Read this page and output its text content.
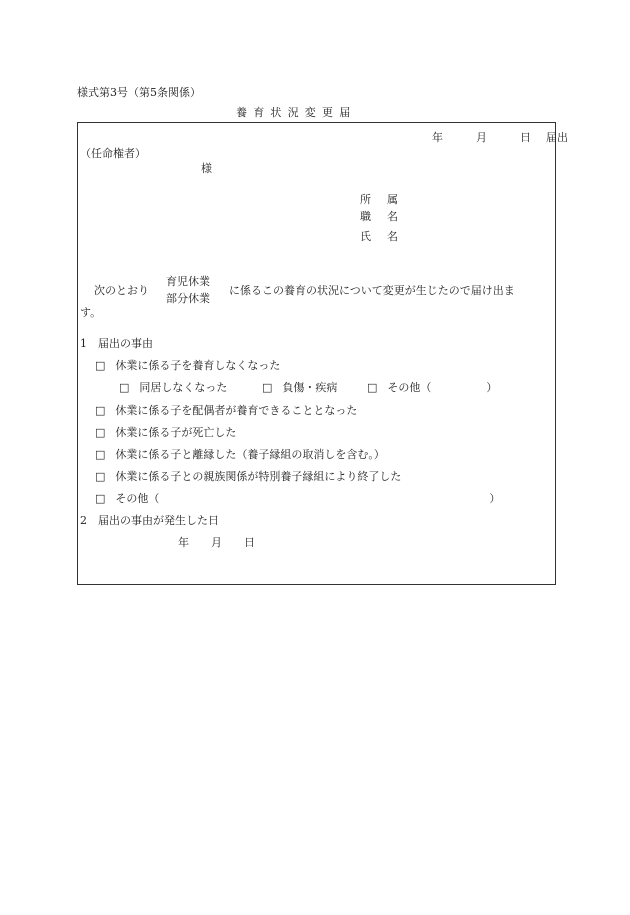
様式第3号（第5条関係）
養育状況変更届
年	月	日 届出
（任命権者）
様
所属
職名
氏名
次のとおり
育児休業
部分休業
に係るこの養育の状況について変更が生じたので届け出ま
す。
1　届出の事由
□ 休業に係る子を養育しなくなった
□ 同居しなくなった	□ 負傷・疾病	□ その他（　　　　　）
□ 休業に係る子を配偶者が養育できることとなった
□ 休業に係る子が死亡した
□ 休業に係る子と離縁した（養子縁組の取消しを含む。）
□ 休業に係る子との親族関係が特別養子縁組により終了した
□ その他（　　　　　　　　　　　　　　　　　　　　　　　　　　　　　　）
2　届出の事由が発生した日
年　　月　　日
